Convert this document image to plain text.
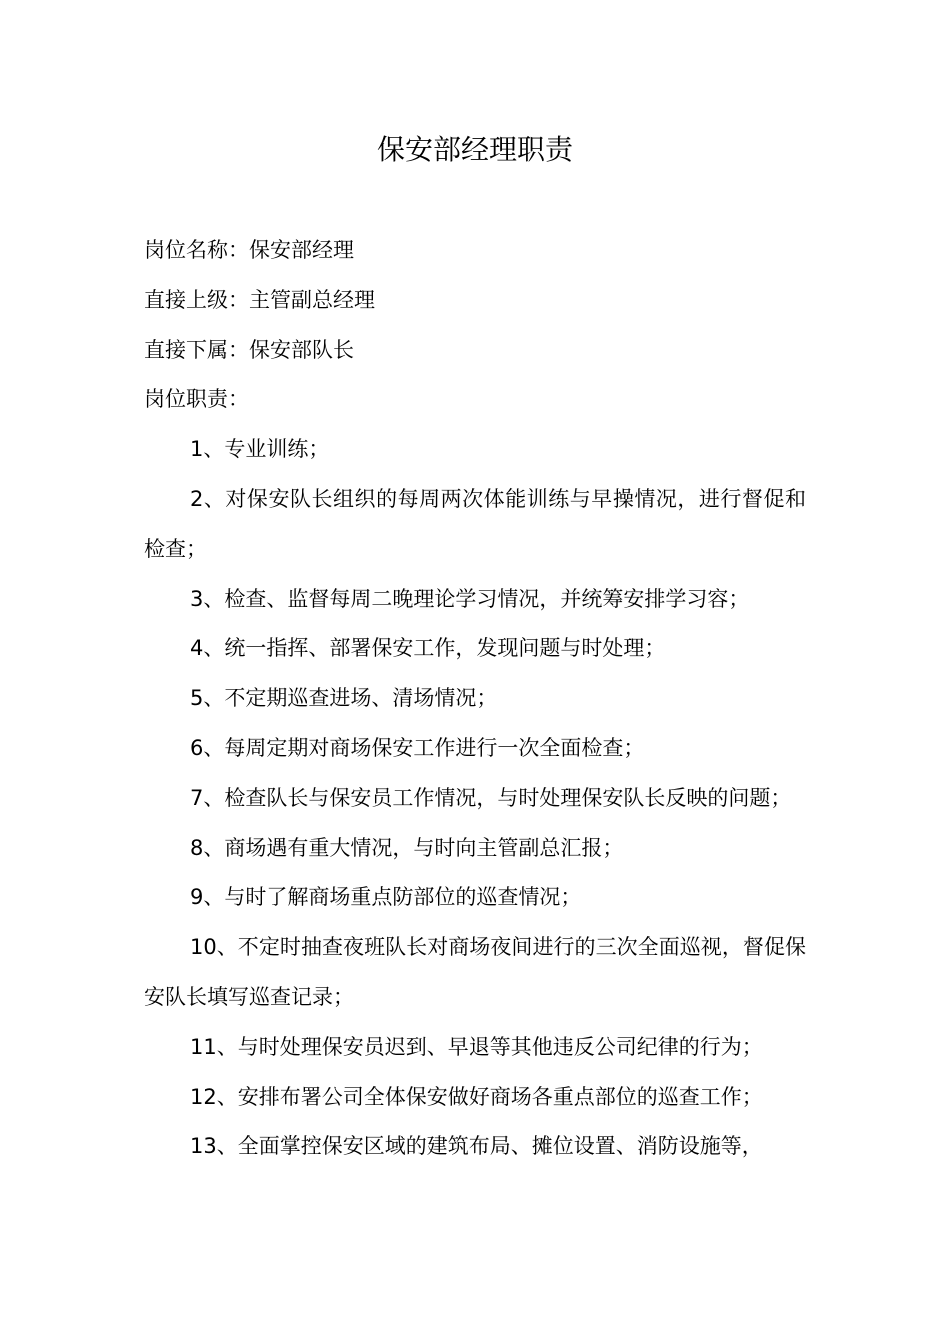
保安部经理职责

岗位名称：保安部经理

直接上级：主管副总经理

直接下属：保安部队长

岗位职责：

1、专业训练；

2、对保安队长组织的每周两次体能训练与早操情况，进行督促和检查；

3、检查、监督每周二晚理论学习情况，并统筹安排学习容；

4、统一指挥、部署保安工作，发现问题与时处理；

5、不定期巡查进场、清场情况；

6、每周定期对商场保安工作进行一次全面检查；

7、检查队长与保安员工作情况，与时处理保安队长反映的问题；

8、商场遇有重大情况，与时向主管副总汇报；

9、与时了解商场重点防部位的巡查情况；

10、不定时抽查夜班队长对商场夜间进行的三次全面巡视，督促保安队长填写巡查记录；

11、与时处理保安员迟到、早退等其他违反公司纪律的行为；

12、安排布署公司全体保安做好商场各重点部位的巡查工作；

13、全面掌控保安区域的建筑布局、摊位设置、消防设施等，
